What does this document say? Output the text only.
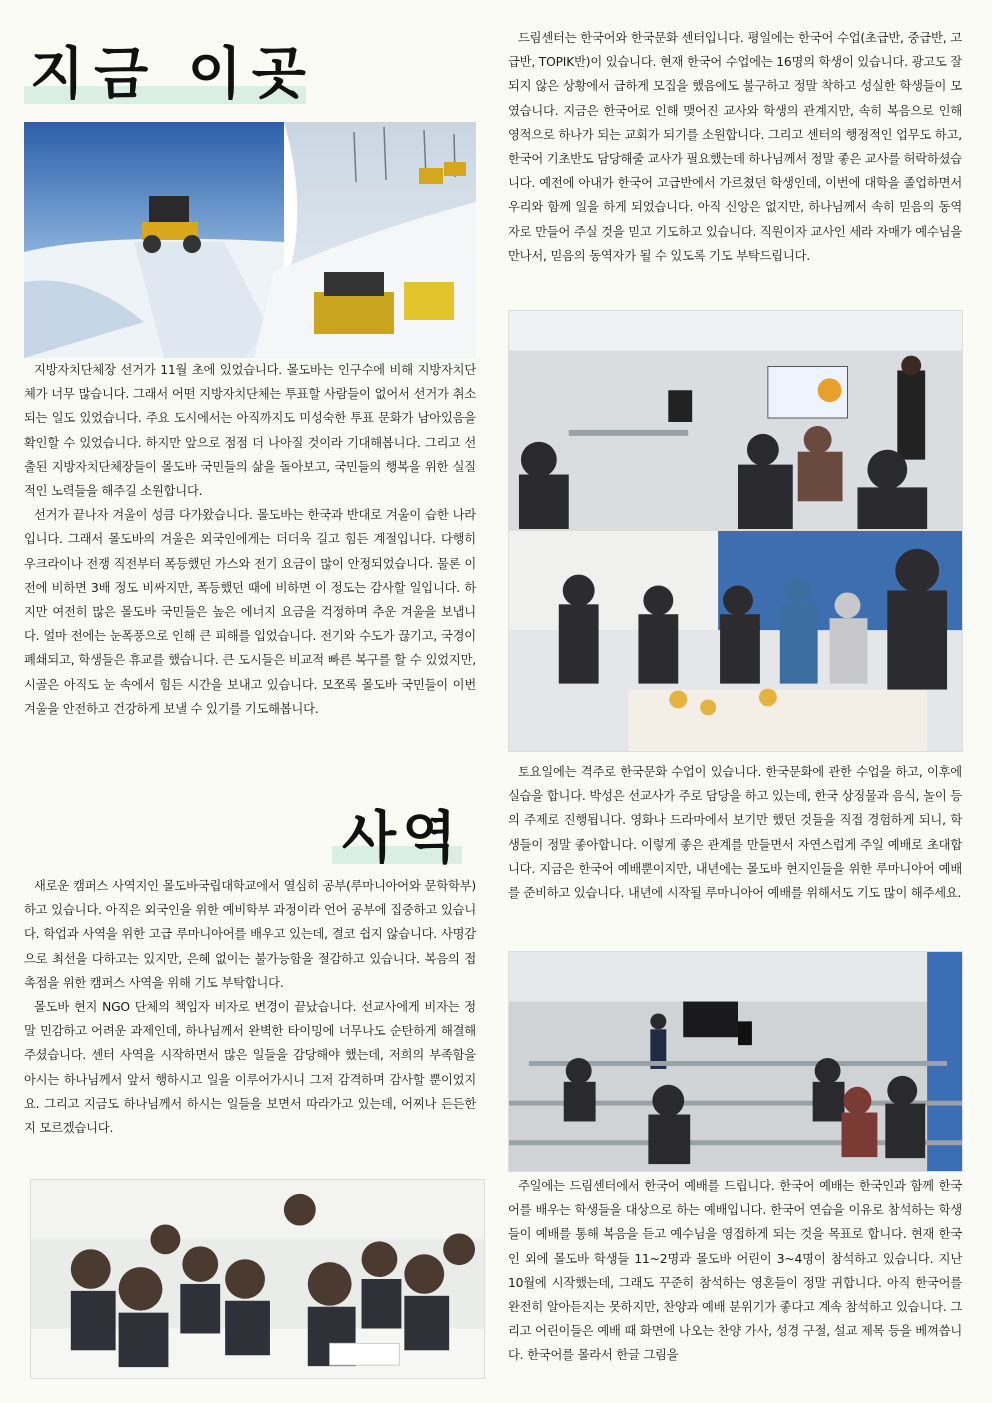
지금 이곳

지방자치단체장 선거가 11월 초에 있었습니다. 몰도바는 인구수에 비해 지방자치단체가 너무 많습니다. 그래서 어떤 지방자치단체는 투표할 사람들이 없어서 선거가 취소되는 일도 있었습니다. 주요 도시에서는 아직까지도 미성숙한 투표 문화가 남아있음을 확인할 수 있었습니다. 하지만 앞으로 점점 더 나아질 것이라 기대해봅니다. 그리고 선출된 지방자치단체장들이 몰도바 국민들의 삶을 돌아보고, 국민들의 행복을 위한 실질적인 노력들을 해주길 소원합니다.

선거가 끝나자 겨울이 성큼 다가왔습니다. 몰도바는 한국과 반대로 겨울이 습한 나라입니다. 그래서 몰도바의 겨울은 외국인에게는 더더욱 길고 힘든 계절입니다. 다행히 우크라이나 전쟁 직전부터 폭등했던 가스와 전기 요금이 많이 안정되었습니다. 물론 이전에 비하면 3배 정도 비싸지만, 폭등했던 때에 비하면 이 정도는 감사할 일입니다. 하지만 여전히 많은 몰도바 국민들은 높은 에너지 요금을 걱정하며 추운 겨울을 보냅니다. 얼마 전에는 눈폭풍으로 인해 큰 피해를 입었습니다. 전기와 수도가 끊기고, 국경이 폐쇄되고, 학생들은 휴교를 했습니다. 큰 도시들은 비교적 빠른 복구를 할 수 있었지만, 시골은 아직도 눈 속에서 힘든 시간을 보내고 있습니다. 모쪼록 몰도바 국민들이 이번 겨울을 안전하고 건강하게 보낼 수 있기를 기도해봅니다.

사역

새로운 캠퍼스 사역지인 몰도바국립대학교에서 열심히 공부(루마니아어와 문학학부)하고 있습니다. 아직은 외국인을 위한 예비학부 과정이라 언어 공부에 집중하고 있습니다. 학업과 사역을 위한 고급 루마니아어를 배우고 있는데, 결코 쉽지 않습니다. 사명감으로 최선을 다하고는 있지만, 은혜 없이는 불가능함을 절감하고 있습니다. 복음의 접촉점을 위한 캠퍼스 사역을 위해 기도 부탁합니다.

몰도바 현지 NGO 단체의 책임자 비자로 변경이 끝났습니다. 선교사에게 비자는 정말 민감하고 어려운 과제인데, 하나님께서 완벽한 타이밍에 너무나도 순탄하게 해결해주셨습니다. 센터 사역을 시작하면서 많은 일들을 감당해야 했는데, 저희의 부족함을 아시는 하나님께서 앞서 행하시고 일을 이루어가시니 그저 감격하며 감사할 뿐이었지요. 그리고 지금도 하나님께서 하시는 일들을 보면서 따라가고 있는데, 어찌나 든든한지 모르겠습니다.

드림센터는 한국어와 한국문화 센터입니다. 평일에는 한국어 수업(초급반, 중급반, 고급반, TOPIK반)이 있습니다. 현재 한국어 수업에는 16명의 학생이 있습니다. 광고도 잘 되지 않은 상황에서 급하게 모집을 했음에도 불구하고 정말 착하고 성실한 학생들이 모였습니다. 지금은 한국어로 인해 맺어진 교사와 학생의 관계지만, 속히 복음으로 인해 영적으로 하나가 되는 교회가 되기를 소원합니다. 그리고 센터의 행정적인 업무도 하고, 한국어 기초반도 담당해줄 교사가 필요했는데 하나님께서 정말 좋은 교사를 허락하셨습니다. 예전에 아내가 한국어 고급반에서 가르쳤던 학생인데, 이번에 대학을 졸업하면서 우리와 함께 일을 하게 되었습니다. 아직 신앙은 없지만, 하나님께서 속히 믿음의 동역자로 만들어 주실 것을 믿고 기도하고 있습니다. 직원이자 교사인 세라 자매가 예수님을 만나서, 믿음의 동역자가 될 수 있도록 기도 부탁드립니다.

토요일에는 격주로 한국문화 수업이 있습니다. 한국문화에 관한 수업을 하고, 이후에 실습을 합니다. 박성은 선교사가 주로 담당을 하고 있는데, 한국 상징물과 음식, 놀이 등의 주제로 진행됩니다. 영화나 드라마에서 보기만 했던 것들을 직접 경험하게 되니, 학생들이 정말 좋아합니다. 이렇게 좋은 관계를 만들면서 자연스럽게 주일 예배로 초대합니다. 지금은 한국어 예배뿐이지만, 내년에는 몰도바 현지인들을 위한 루마니아어 예배를 준비하고 있습니다. 내년에 시작될 루마니아어 예배를 위해서도 기도 많이 해주세요.

주일에는 드림센터에서 한국어 예배를 드립니다. 한국어 예배는 한국인과 함께 한국어를 배우는 학생들을 대상으로 하는 예배입니다. 한국어 연습을 이유로 참석하는 학생들이 예배를 통해 복음을 듣고 예수님을 영접하게 되는 것을 목표로 합니다. 현재 한국인 외에 몰도바 학생들 11~2명과 몰도바 어린이 3~4명이 참석하고 있습니다. 지난 10월에 시작했는데, 그래도 꾸준히 참석하는 영혼들이 정말 귀합니다. 아직 한국어를 완전히 알아듣지는 못하지만, 찬양과 예배 분위기가 좋다고 계속 참석하고 있습니다. 그리고 어린이들은 예배 때 화면에 나오는 찬양 가사, 성경 구절, 설교 제목 등을 베껴씁니다. 한국어를 몰라서 한글 그림을
